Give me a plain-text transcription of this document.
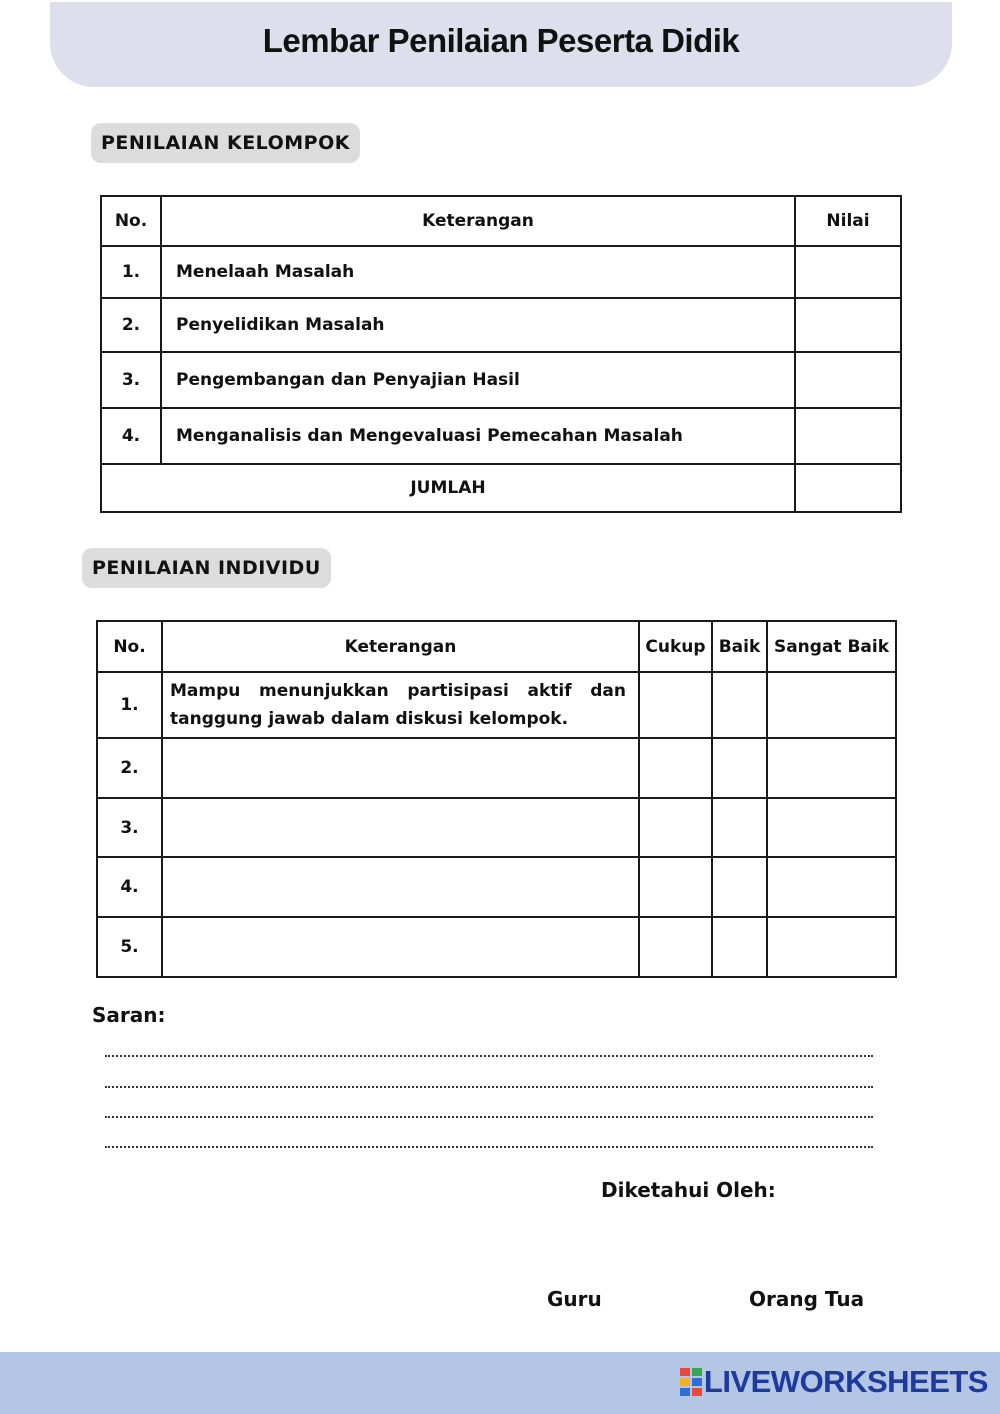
Lembar Penilaian Peserta Didik
PENILAIAN KELOMPOK
No.	Keterangan	Nilai
1.	Menelaah Masalah	
2.	Penyelidikan Masalah	
3.	Pengembangan dan Penyajian Hasil	
4.	Menganalisis dan Mengevaluasi Pemecahan Masalah	
JUMLAH		
PENILAIAN INDIVIDU
No.	Keterangan	Cukup	Baik	Sangat Baik
1.	Mampu menunjukkan partisipasi aktif dan tanggung jawab dalam diskusi kelompok.			
2.				
3.				
4.				
5.				
Saran:
Diketahui Oleh:
Guru	Orang Tua
LIVEWORKSHEETS
